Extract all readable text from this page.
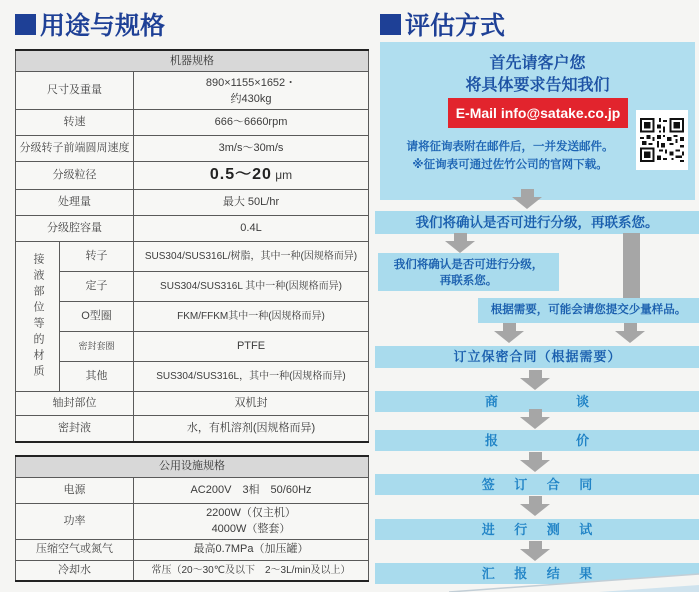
用途与规格
机器规格		
尺寸及重量		890×1155×1652・
约430kg

转速		666～6660rpm
分级转子前端圆周速度		3m/s～30m/s
分级粒径		0.5～20 μm
处理量		最大 50L/hr
分级腔容量		0.4L
接液部位等的材质	转子	SUS304/SUS316L/树脂，其中一种(因规格而异)
	定子	SUS304/SUS316L 其中一种(因规格而异)
	O型圈	FKM/FFKM其中一种(因规格而异)
	密封套圈	PTFE
	其他	SUS304/SUS316L，其中一种(因规格而异)
轴封部位		双机封
密封液		水，有机溶剂(因规格而异)
公用设施规格	
电源	AC200V　3相　50/60Hz
功率	2200W（仅主机）
4000W（整套）

压缩空气或氮气	最高0.7MPa（加压罐）
冷却水	常压（20～30℃及以下　2～3L/min及以上）
评估方式
首先请客户您
将具体要求告知我们
E-Mail info@satake.co.jp
请将征询表附在邮件后，一并发送邮件。
※征询表可通过佐竹公司的官网下载。
我们将确认是否可进行分级，再联系您。
我们将确认是否可进行分级，
再联系您。
根据需要，可能会请您提交少量样品。
订立保密合同（根据需要）
商谈
报价
签订合同
进行测试
汇报结果
